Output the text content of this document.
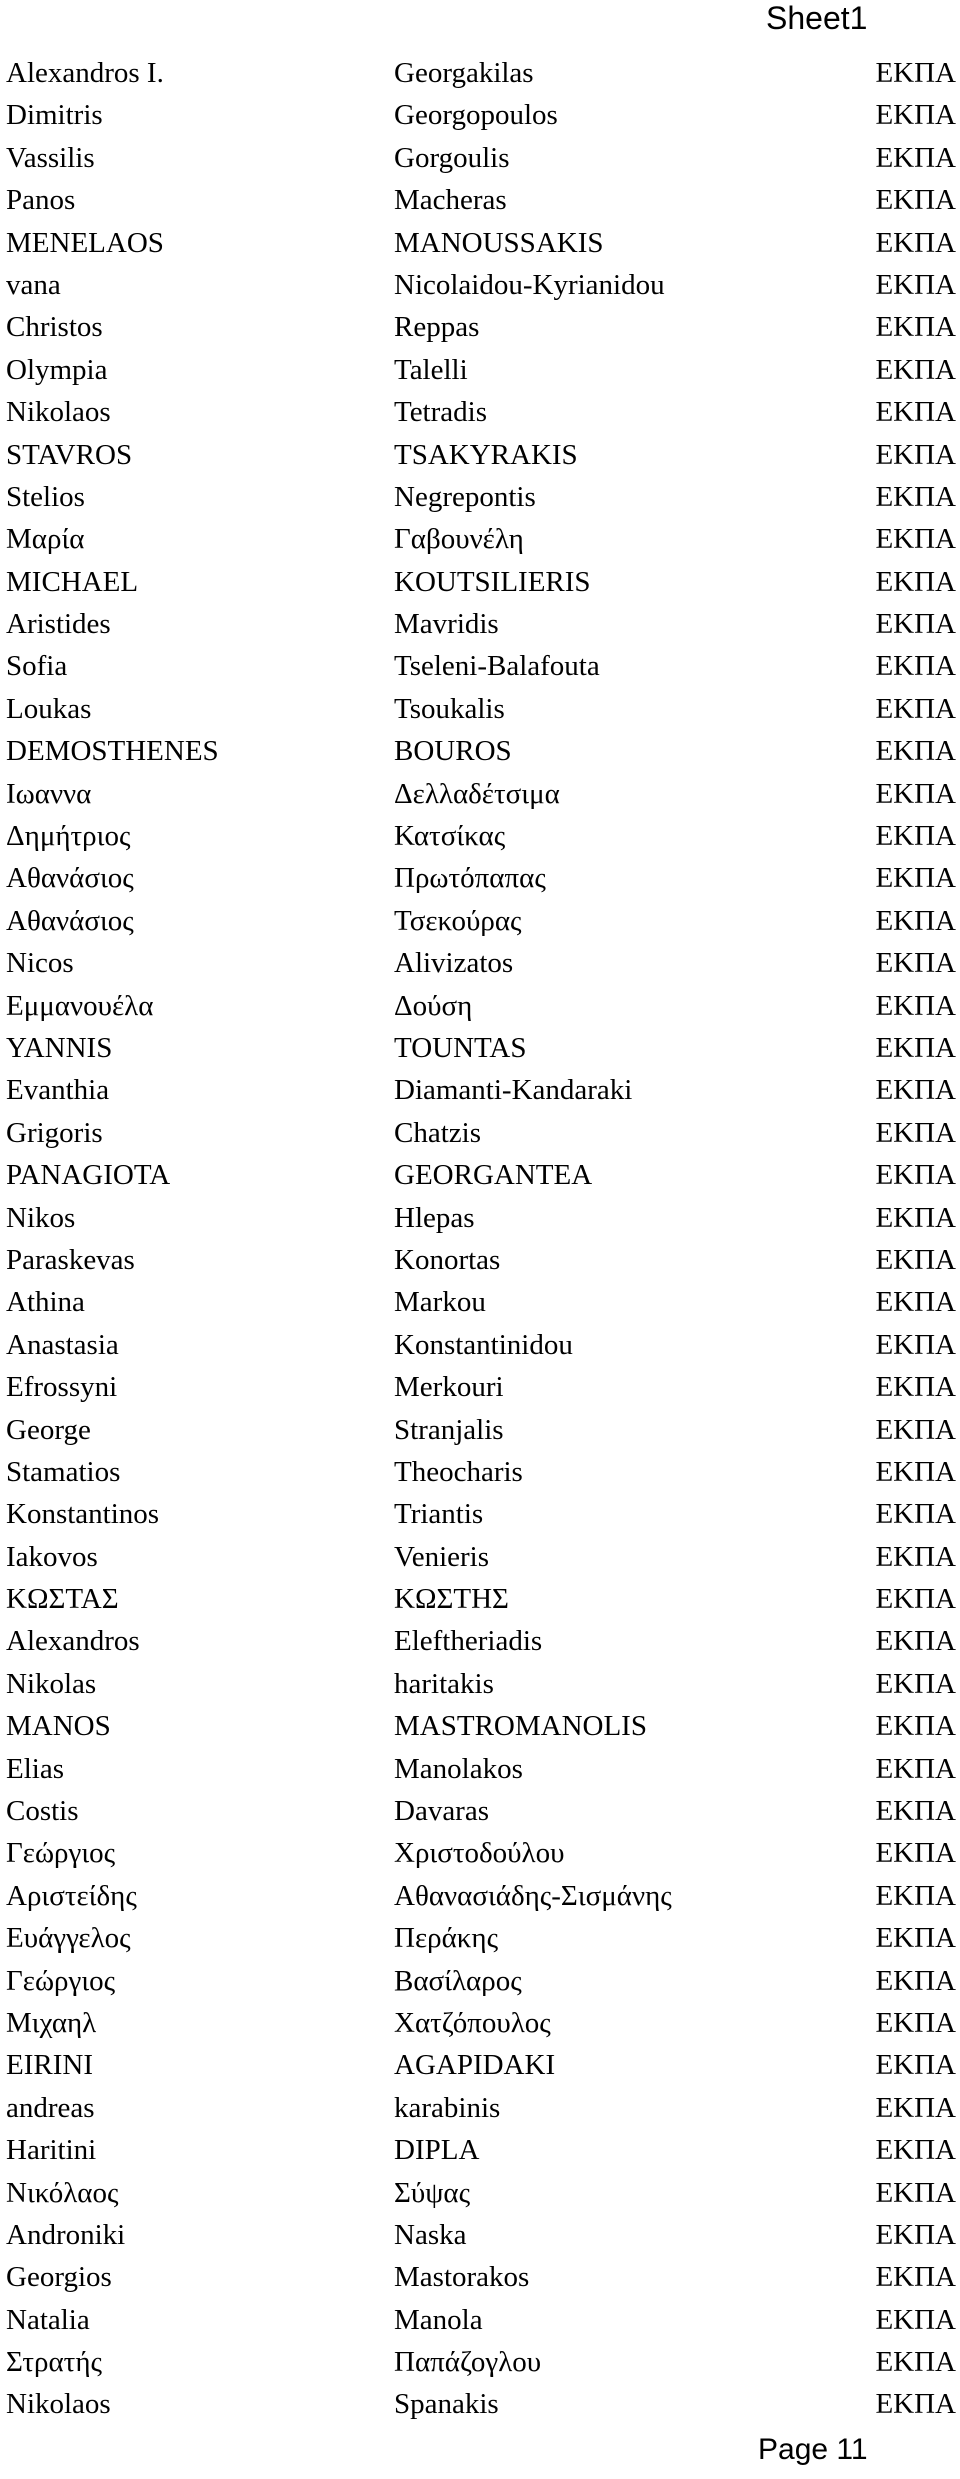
Sheet1
Alexandros I.	Georgakilas	ΕΚΠΑ
Dimitris	Georgopoulos	ΕΚΠΑ
Vassilis	Gorgoulis	ΕΚΠΑ
Panos	Macheras	ΕΚΠΑ
MENELAOS	MANOUSSAKIS	ΕΚΠΑ
vana	Nicolaidou-Kyrianidou	ΕΚΠΑ
Christos	Reppas	ΕΚΠΑ
Olympia	Talelli	ΕΚΠΑ
Nikolaos	Tetradis	ΕΚΠΑ
STAVROS	TSAKYRAKIS	ΕΚΠΑ
Stelios	Negrepontis	ΕΚΠΑ
Μαρία	Γαβουνέλη	ΕΚΠΑ
MICHAEL	KOUTSILIERIS	ΕΚΠΑ
Aristides	Mavridis	ΕΚΠΑ
Sofia	Tseleni-Balafouta	ΕΚΠΑ
Loukas	Tsoukalis	ΕΚΠΑ
DEMOSTHENES	BOUROS	ΕΚΠΑ
Ιωαννα	Δελλαδέτσιμα	ΕΚΠΑ
Δημήτριος	Κατσίκας	ΕΚΠΑ
Αθανάσιος	Πρωτόπαπας	ΕΚΠΑ
Αθανάσιος	Τσεκούρας	ΕΚΠΑ
Nicos	Alivizatos	ΕΚΠΑ
Εμμανουέλα	Δούση	ΕΚΠΑ
YANNIS	TOUNTAS	ΕΚΠΑ
Evanthia	Diamanti-Kandaraki	ΕΚΠΑ
Grigoris	Chatzis	ΕΚΠΑ
PANAGIOTA	GEORGANTEA	ΕΚΠΑ
Nikos	Hlepas	ΕΚΠΑ
Paraskevas	Konortas	ΕΚΠΑ
Athina	Markou	ΕΚΠΑ
Anastasia	Konstantinidou	ΕΚΠΑ
Efrossyni	Merkouri	ΕΚΠΑ
George	Stranjalis	ΕΚΠΑ
Stamatios	Theocharis	ΕΚΠΑ
Konstantinos	Triantis	ΕΚΠΑ
Iakovos	Venieris	ΕΚΠΑ
ΚΩΣΤΑΣ	ΚΩΣΤΗΣ	ΕΚΠΑ
Alexandros	Eleftheriadis	ΕΚΠΑ
Nikolas	haritakis	ΕΚΠΑ
MANOS	MASTROMANOLIS	ΕΚΠΑ
Elias	Manolakos	ΕΚΠΑ
Costis	Davaras	ΕΚΠΑ
Γεώργιος	Χριστοδούλου	ΕΚΠΑ
Αριστείδης	Αθανασιάδης-Σισμάνης	ΕΚΠΑ
Ευάγγελος	Περάκης	ΕΚΠΑ
Γεώργιος	Βασίλαρος	ΕΚΠΑ
Μιχαηλ	Χατζόπουλος	ΕΚΠΑ
EIRINI	AGAPIDAKI	ΕΚΠΑ
andreas	karabinis	ΕΚΠΑ
Haritini	DIPLA	ΕΚΠΑ
Νικόλαος	Σύψας	ΕΚΠΑ
Androniki	Naska	ΕΚΠΑ
Georgios	Mastorakos	ΕΚΠΑ
Natalia	Manola	ΕΚΠΑ
Στρατής	Παπάζογλου	ΕΚΠΑ
Nikolaos	Spanakis	ΕΚΠΑ
Page 11
